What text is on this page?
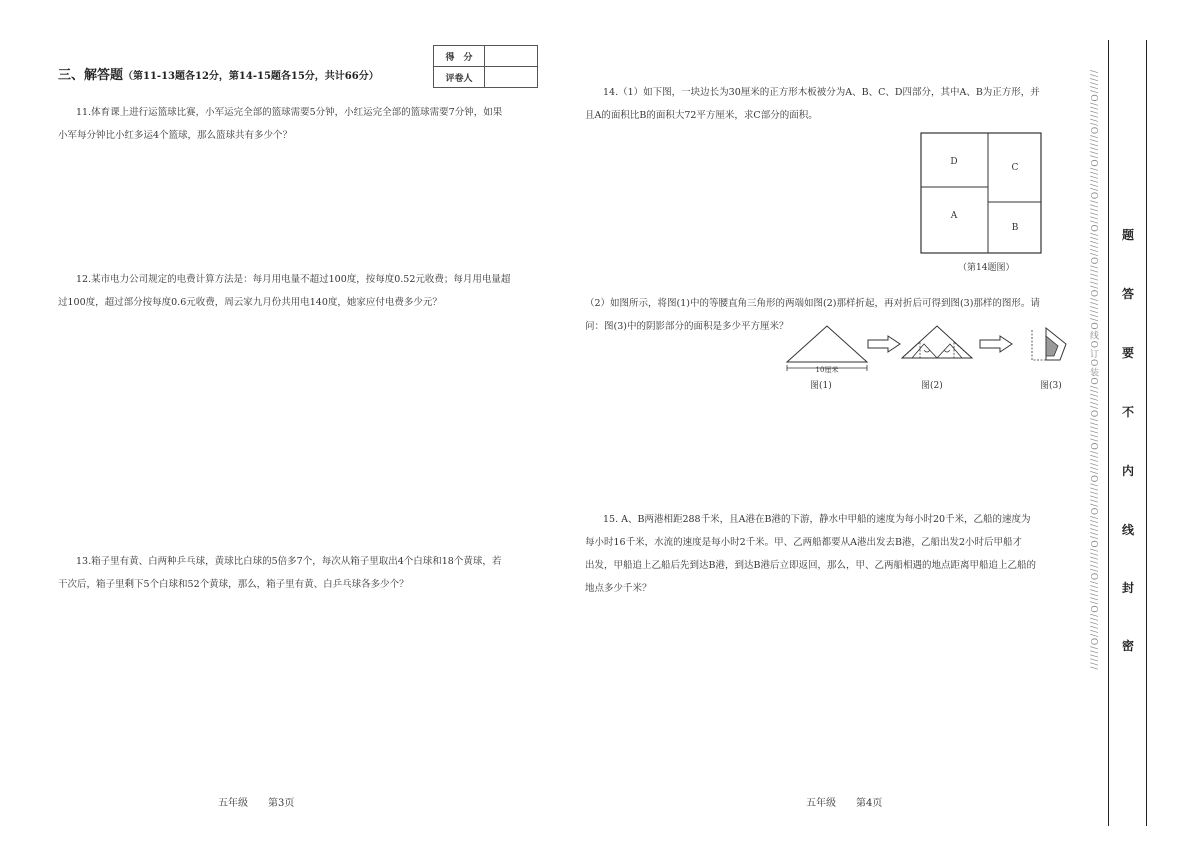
三、解答题（第11-13题各12分，第14-15题各15分，共计66分）
得　分	
评卷人	
11.体育课上进行运篮球比赛，小军运完全部的篮球需要5分钟，小红运完全部的篮球需要7分钟，如果
小军每分钟比小红多运4个篮球，那么篮球共有多少个？
12.某市电力公司规定的电费计算方法是：每月用电量不超过100度，按每度0.52元收费；每月用电量超
过100度，超过部分按每度0.6元收费，周云家九月份共用电140度，她家应付电费多少元？
13.箱子里有黄、白两种乒乓球，黄球比白球的5倍多7个，每次从箱子里取出4个白球和18个黄球，若
干次后，箱子里剩下5个白球和52个黄球，那么，箱子里有黄、白乒乓球各多少个？
14.（1）如下图，一块边长为30厘米的正方形木板被分为A、B、C、D四部分，其中A、B为正方形，并
且A的面积比B的面积大72平方厘米，求C部分的面积。
D
C
A
B
（第14题图）
（2）如图所示，将图(1)中的等腰直角三角形的两端如图(2)那样折起，再对折后可得到图(3)那样的图形。请
问：图(3)中的阴影部分的面积是多少平方厘米？
10厘米
图(1)	图(2)	图(3)
15. A、B两港相距288千米，且A港在B港的下游，静水中甲船的速度为每小时20千米，乙船的速度为
每小时16千米，水流的速度是每小时2千米。甲、乙两船都要从A港出发去B港，乙船出发2小时后甲船才
出发，甲船追上乙船后先到达B港，到达B港后立即返回，那么，甲、乙两船相遇的地点距离甲船追上乙船的
地点多少千米？
五年级　　第3页	五年级　　第4页
//////O//////O//////O//////O//////O//////O//////O//////O线O订O装O//////O//////O//////O//////O//////O//////O//////O//////O////// 题
答
要
不
内
线
封
密
